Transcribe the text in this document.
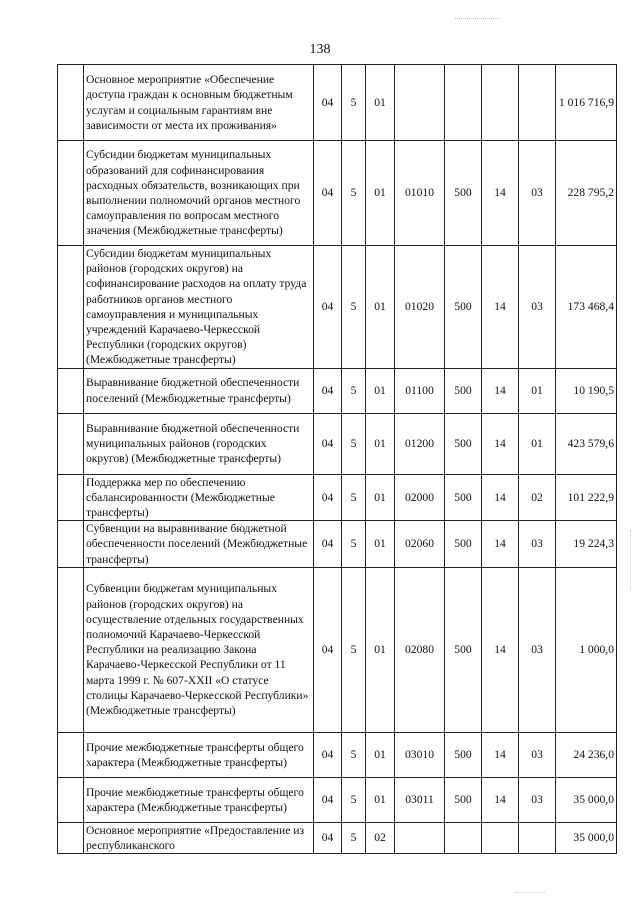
138
	Основное мероприятие «Обеспечение доступа граждан к основным бюджетным услугам и социальным гарантиям вне зависимости от места их проживания»	04	5	01					1 016 716,9
	Субсидии бюджетам муниципальных образований для софинансирования расходных обязательств, возникающих при выполнении полномочий органов местного самоуправления по вопросам местного значения (Межбюджетные трансферты)	04	5	01	01010	500	14	03	228 795,2
	Субсидии бюджетам муниципальных районов (городских округов) на софинансирование расходов на оплату труда работников органов местного самоуправления и муниципальных учреждений Карачаево-Черкесской Республики (городских округов) (Межбюджетные трансферты)	04	5	01	01020	500	14	03	173 468,4
	Выравнивание бюджетной обеспеченности поселений (Межбюджетные трансферты)	04	5	01	01100	500	14	01	10 190,5
	Выравнивание бюджетной обеспеченности муниципальных районов (городских округов) (Межбюджетные трансферты)	04	5	01	01200	500	14	01	423 579,6
	Поддержка мер по обеспечению сбалансированности (Межбюджетные трансферты)	04	5	01	02000	500	14	02	101 222,9
	Субвенции на выравнивание бюджетной обеспеченности поселений (Межбюджетные трансферты)	04	5	01	02060	500	14	03	19 224,3
	Субвенции бюджетам муниципальных районов (городских округов) на осуществление отдельных государственных полномочий Карачаево-Черкесской Республики на реализацию Закона Карачаево-Черкесской Республики от 11 марта 1999 г. № 607-XXII «О статусе столицы Карачаево-Черкесской Республики» (Межбюджетные трансферты)	04	5	01	02080	500	14	03	1 000,0
	Прочие межбюджетные трансферты общего характера (Межбюджетные трансферты)	04	5	01	03010	500	14	03	24 236,0
	Прочие межбюджетные трансферты общего характера (Межбюджетные трансферты)	04	5	01	03011	500	14	03	35 000,0
	Основное мероприятие «Предоставление из республиканского	04	5	02					35 000,0
